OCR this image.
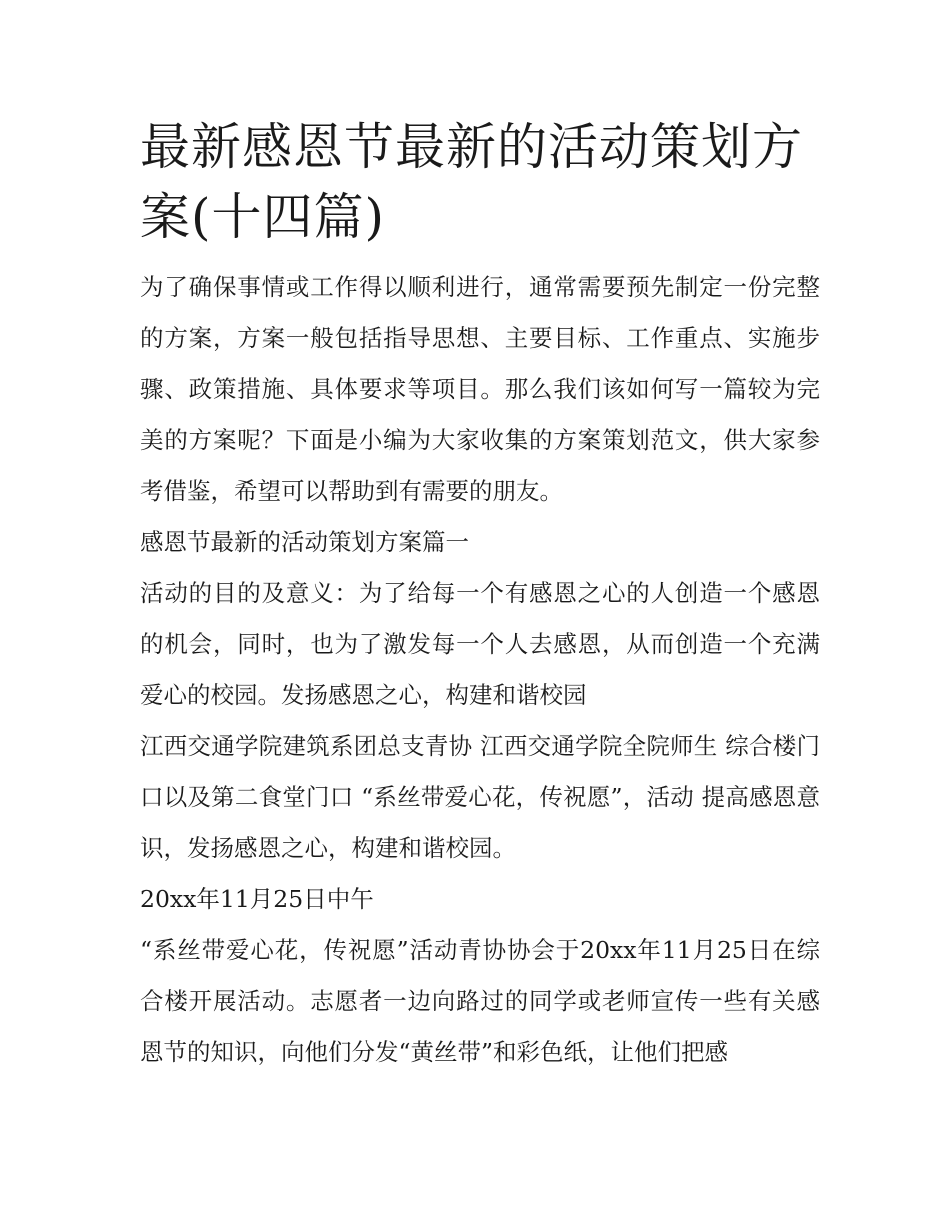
最新感恩节最新的活动策划方案(十四篇)

为了确保事情或工作得以顺利进行，通常需要预先制定一份完整的方案，方案一般包括指导思想、主要目标、工作重点、实施步骤、政策措施、具体要求等项目。那么我们该如何写一篇较为完美的方案呢？下面是小编为大家收集的方案策划范文，供大家参考借鉴，希望可以帮助到有需要的朋友。

感恩节最新的活动策划方案篇一

活动的目的及意义：为了给每一个有感恩之心的人创造一个感恩的机会，同时，也为了激发每一个人去感恩，从而创造一个充满爱心的校园。发扬感恩之心，构建和谐校园

江西交通学院建筑系团总支青协 江西交通学院全院师生 综合楼门口以及第二食堂门口 “系丝带爱心花，传祝愿”，活动 提高感恩意识，发扬感恩之心，构建和谐校园。

20xx年11月25日中午

“系丝带爱心花，传祝愿”活动青协协会于20xx年11月25日在综合楼开展活动。志愿者一边向路过的同学或老师宣传一些有关感恩节的知识，向他们分发“黄丝带”和彩色纸，让他们把感
